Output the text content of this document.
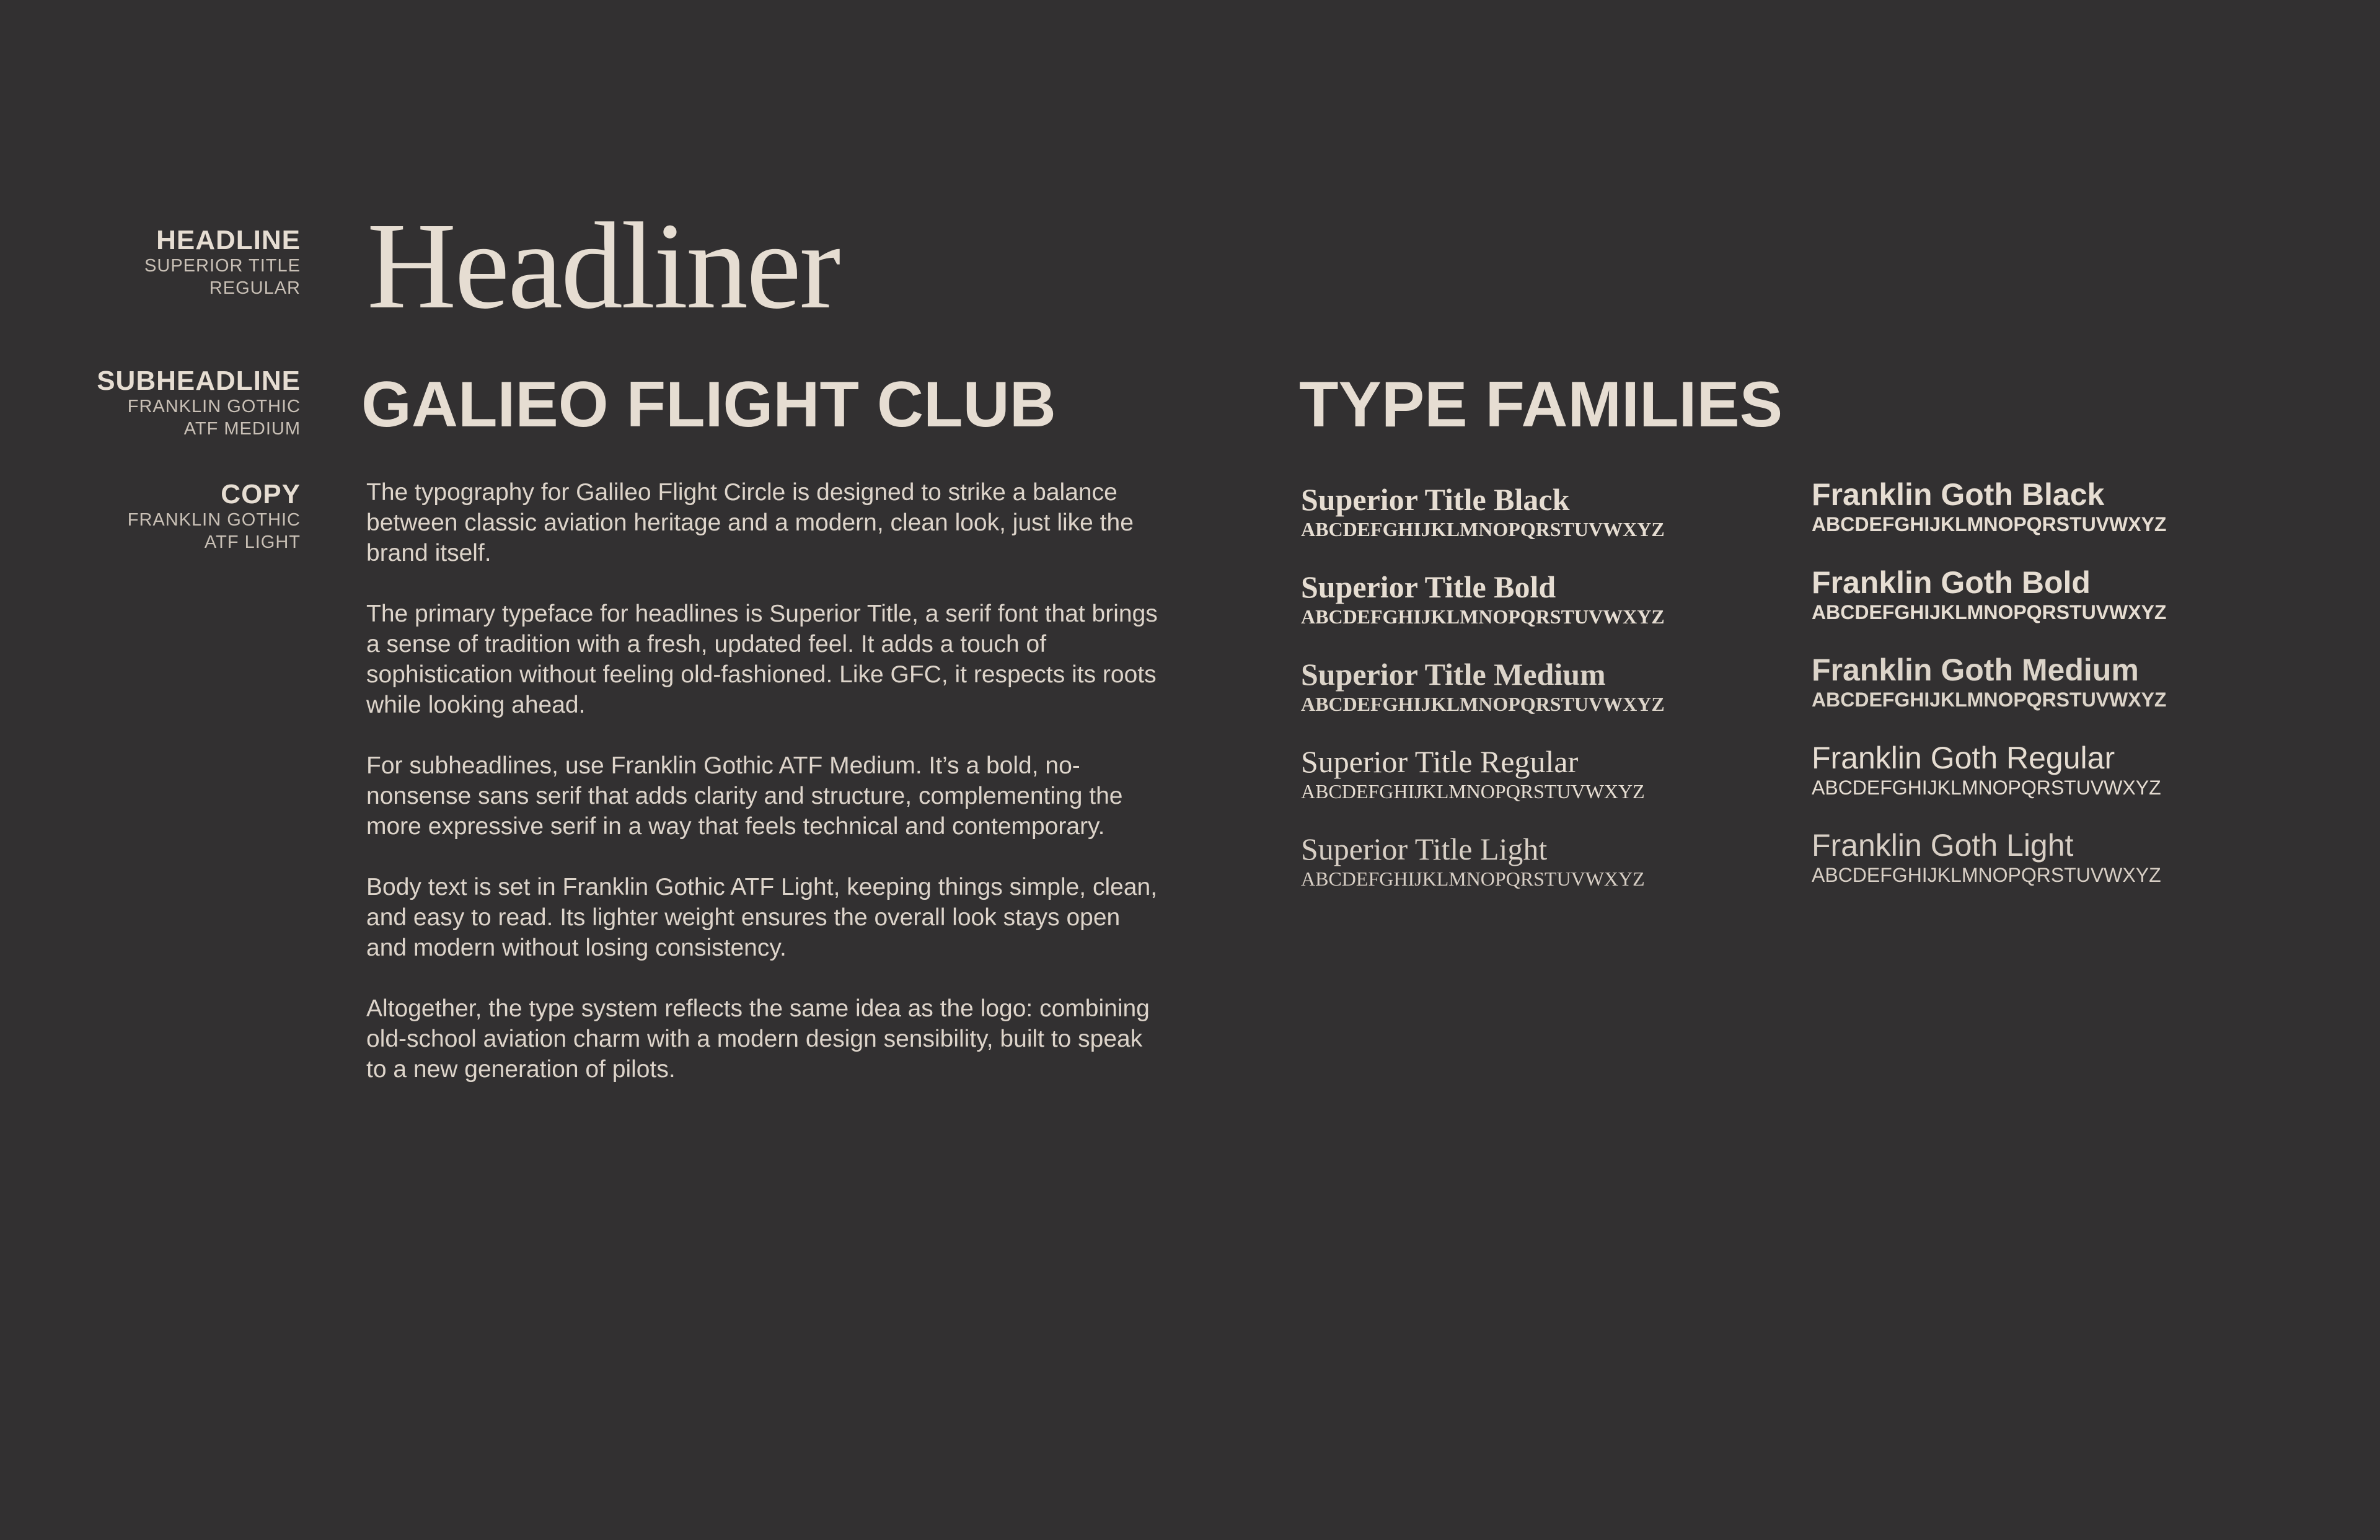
HEADLINE
SUPERIOR TITLE
REGULAR
SUBHEADLINE
FRANKLIN GOTHIC
ATF MEDIUM
COPY
FRANKLIN GOTHIC
ATF LIGHT
Headliner
GALIEO FLIGHT CLUB	TYPE FAMILIES

The typography for Galileo Flight Circle is designed to strike a balance between classic aviation heritage and a modern, clean look, just like the brand itself.

The primary typeface for headlines is Superior Title, a serif font that brings a sense of tradition with a fresh, updated feel. It adds a touch of sophistication without feeling old-fashioned. Like GFC, it respects its roots while looking ahead.

For subheadlines, use Franklin Gothic ATF Medium. It’s a bold, no-nonsense sans serif that adds clarity and structure, complementing the more expressive serif in a way that feels technical and contemporary.

Body text is set in Franklin Gothic ATF Light, keeping things simple, clean, and easy to read. Its lighter weight ensures the overall look stays open and modern without losing consistency.

Altogether, the type system reflects the same idea as the logo: combining old-school aviation charm with a modern design sensibility, built to speak to a new generation of pilots.

Superior Title Black
ABCDEFGHIJKLMNOPQRSTUVWXYZ
Superior Title Bold
ABCDEFGHIJKLMNOPQRSTUVWXYZ
Superior Title Medium
ABCDEFGHIJKLMNOPQRSTUVWXYZ
Superior Title Regular
ABCDEFGHIJKLMNOPQRSTUVWXYZ
Superior Title Light
ABCDEFGHIJKLMNOPQRSTUVWXYZ
Franklin Goth Black
ABCDEFGHIJKLMNOPQRSTUVWXYZ
Franklin Goth Bold
ABCDEFGHIJKLMNOPQRSTUVWXYZ
Franklin Goth Medium
ABCDEFGHIJKLMNOPQRSTUVWXYZ
Franklin Goth Regular
ABCDEFGHIJKLMNOPQRSTUVWXYZ
Franklin Goth Light
ABCDEFGHIJKLMNOPQRSTUVWXYZ
